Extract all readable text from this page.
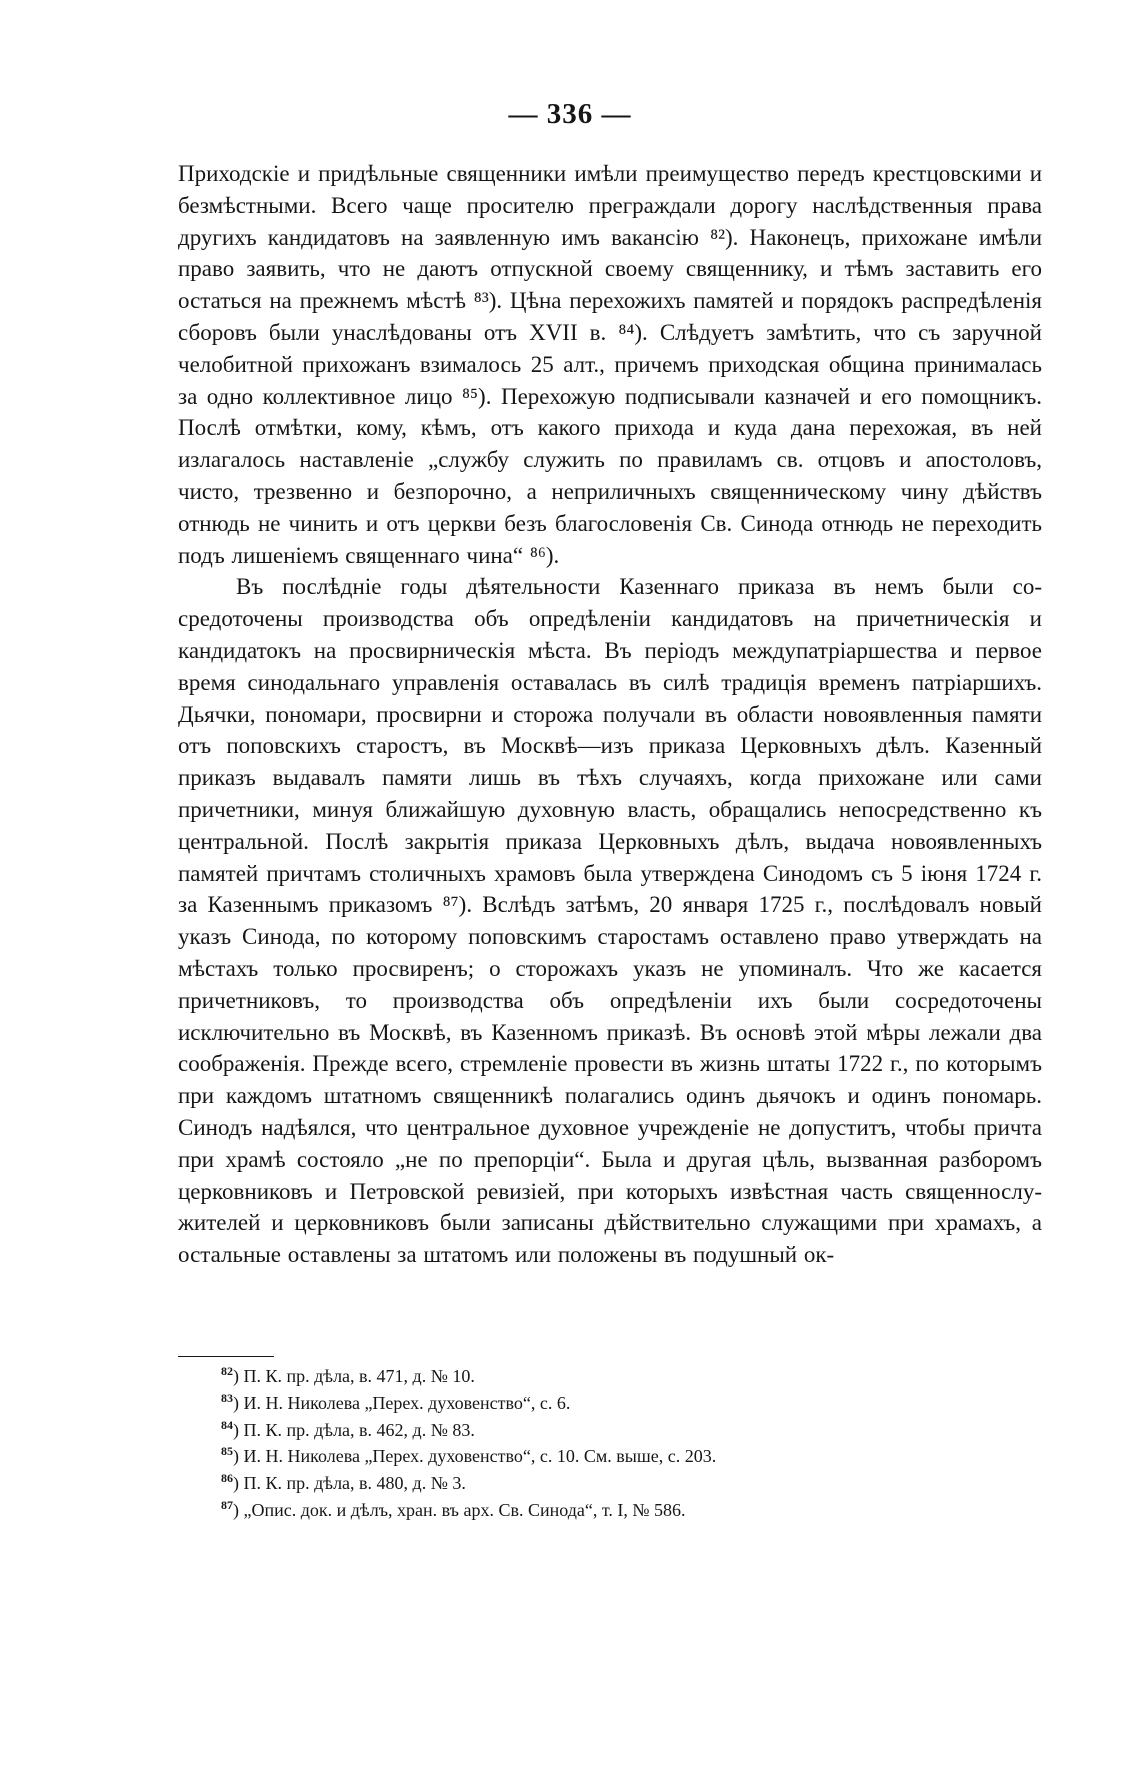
— 336 —

Приходскіе и придѣльные священники имѣли преимущество передъ крестцовскими и безмѣстными. Всего чаще просителю преграждали дорогу наслѣдственныя права другихъ кандидатовъ на заявленную имъ вакансію ⁸²). Наконецъ, прихожане имѣли право заявить, что не даютъ отпускной своему священнику, и тѣмъ заставить его остаться на прежнемъ мѣстѣ ⁸³). Цѣна перехожихъ памятей и порядокъ распредѣленія сборовъ были унаслѣдованы отъ XVII в. ⁸⁴). Слѣдуетъ замѣтить, что съ заручной челобитной прихожанъ взималось 25 алт., причемъ приходская община принималась за одно коллективное лицо ⁸⁵). Перехожую подписывали казначей и его помощникъ. Послѣ отмѣтки, кому, кѣмъ, отъ какого прихода и куда дана перехожая, въ ней излагалось наставленіе „службу служить по правиламъ св. отцовъ и апостоловъ, чисто, трезвенно и безпорочно, а неприличныхъ священническому чину дѣйствъ отнюдь не чинить и отъ церкви безъ благословенія Св. Синода отнюдь не переходить подъ лишеніемъ священнаго чина“ ⁸⁶).

Въ послѣдніе годы дѣятельности Казеннаго приказа въ немъ были сосредоточены производства объ опредѣленіи кандидатовъ на причетническія и кандидатокъ на просвирническія мѣста. Въ періодъ междупатріаршества и первое время синодальнаго управленія оставалась въ силѣ традиція временъ патріаршихъ. Дьячки, пономари, просвирни и сторожа получали въ области новоявленныя памяти отъ поповскихъ старостъ, въ Москвѣ—изъ приказа Церковныхъ дѣлъ. Казенный приказъ выдавалъ памяти лишь въ тѣхъ случаяхъ, когда прихожане или сами причетники, минуя ближайшую духовную власть, обращались непосредственно къ центральной. Послѣ закрытія приказа Церковныхъ дѣлъ, выдача новоявленныхъ памятей причтамъ столичныхъ храмовъ была утверждена Синодомъ съ 5 іюня 1724 г. за Казеннымъ приказомъ ⁸⁷). Вслѣдъ затѣмъ, 20 января 1725 г., послѣдовалъ новый указъ Синода, по которому поповскимъ старостамъ оставлено право утверждать на мѣстахъ только просвиренъ; о сторожахъ указъ не упоминалъ. Что же касается причетниковъ, то производства объ опредѣленіи ихъ были сосредоточены исключительно въ Москвѣ, въ Казенномъ приказѣ. Въ основѣ этой мѣры лежали два соображенія. Прежде всего, стремленіе провести въ жизнь штаты 1722 г., по которымъ при каждомъ штатномъ священникѣ полагались одинъ дьячокъ и одинъ пономарь. Синодъ надѣялся, что центральное духовное учрежденіе не допуститъ, чтобы причта при храмѣ состояло „не по препорціи“. Была и другая цѣль, вызванная разборомъ церковниковъ и Петровской ревизіей, при которыхъ извѣстная часть священнослужителей и церковниковъ были записаны дѣйствительно служащими при храмахъ, а остальные оставлены за штатомъ или положены въ подушный ок-

$^{82}$) П. К. пр. дѣла, в. 471, д. № 10.
$^{83}$) И. Н. Николева „Перех. духовенство“, с. 6.
$^{84}$) П. К. пр. дѣла, в. 462, д. № 83.
$^{85}$) И. Н. Николева „Перех. духовенство“, с. 10. См. выше, с. 203.
$^{86}$) П. К. пр. дѣла, в. 480, д. № 3.
$^{87}$) „Опис. док. и дѣлъ, хран. въ арх. Св. Синода“, т. I, № 586.
